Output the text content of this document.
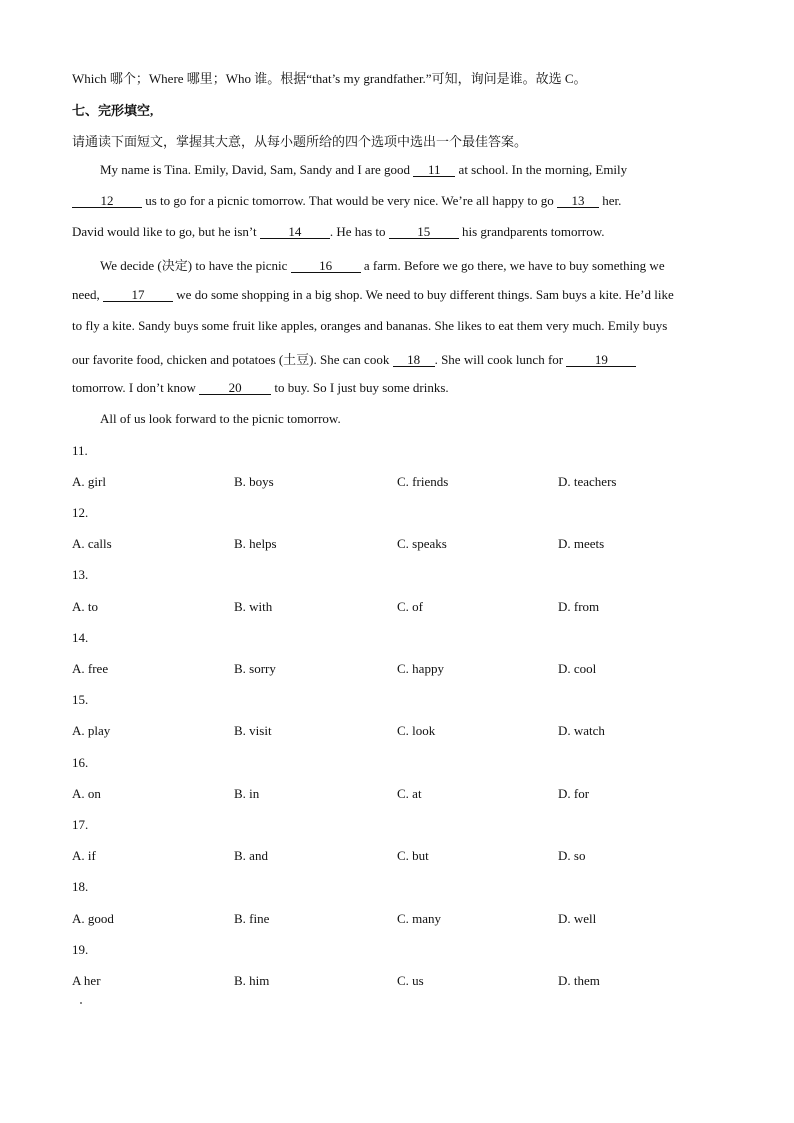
Which 哪个；Where 哪里；Who 谁。根据“that’s my grandfather.”可知，询问是谁。故选 C。
七、完形填空,
请通读下面短文，掌握其大意，从每小题所给的四个选项中选出一个最佳答案。
My name is Tina. Emily, David, Sam, Sandy and I are good 11 at school. In the morning, Emily
12 us to go for a picnic tomorrow. That would be very nice. We’re all happy to go 13 her.
David would like to go, but he isn’t 14 . He has to 15 his grandparents tomorrow.
We decide (决定) to have the picnic 16 a farm. Before we go there, we have to buy something we
need, 17 we do some shopping in a big shop. We need to buy different things. Sam buys a kite. He’d like
to fly a kite. Sandy buys some fruit like apples, oranges and bananas. She likes to eat them very much. Emily buys
our favorite food, chicken and potatoes (土豆). She can cook 18 . She will cook lunch for 19
tomorrow. I don’t know 20 to buy. So I just buy some drinks.
All of us look forward to the picnic tomorrow.
11.
A. girl	B. boys	C. friends	D. teachers
12.
A. calls	B. helps	C. speaks	D. meets
13.
A. to	B. with	C. of	D. from
14.
A. free	B. sorry	C. happy	D. cool
15.
A. play	B. visit	C. look	D. watch
16.
A. on	B. in	C. at	D. for
17.
A. if	B. and	C. but	D. so
18.
A. good	B. fine	C. many	D. well
19.
A her	B. him	C. us	D. them
